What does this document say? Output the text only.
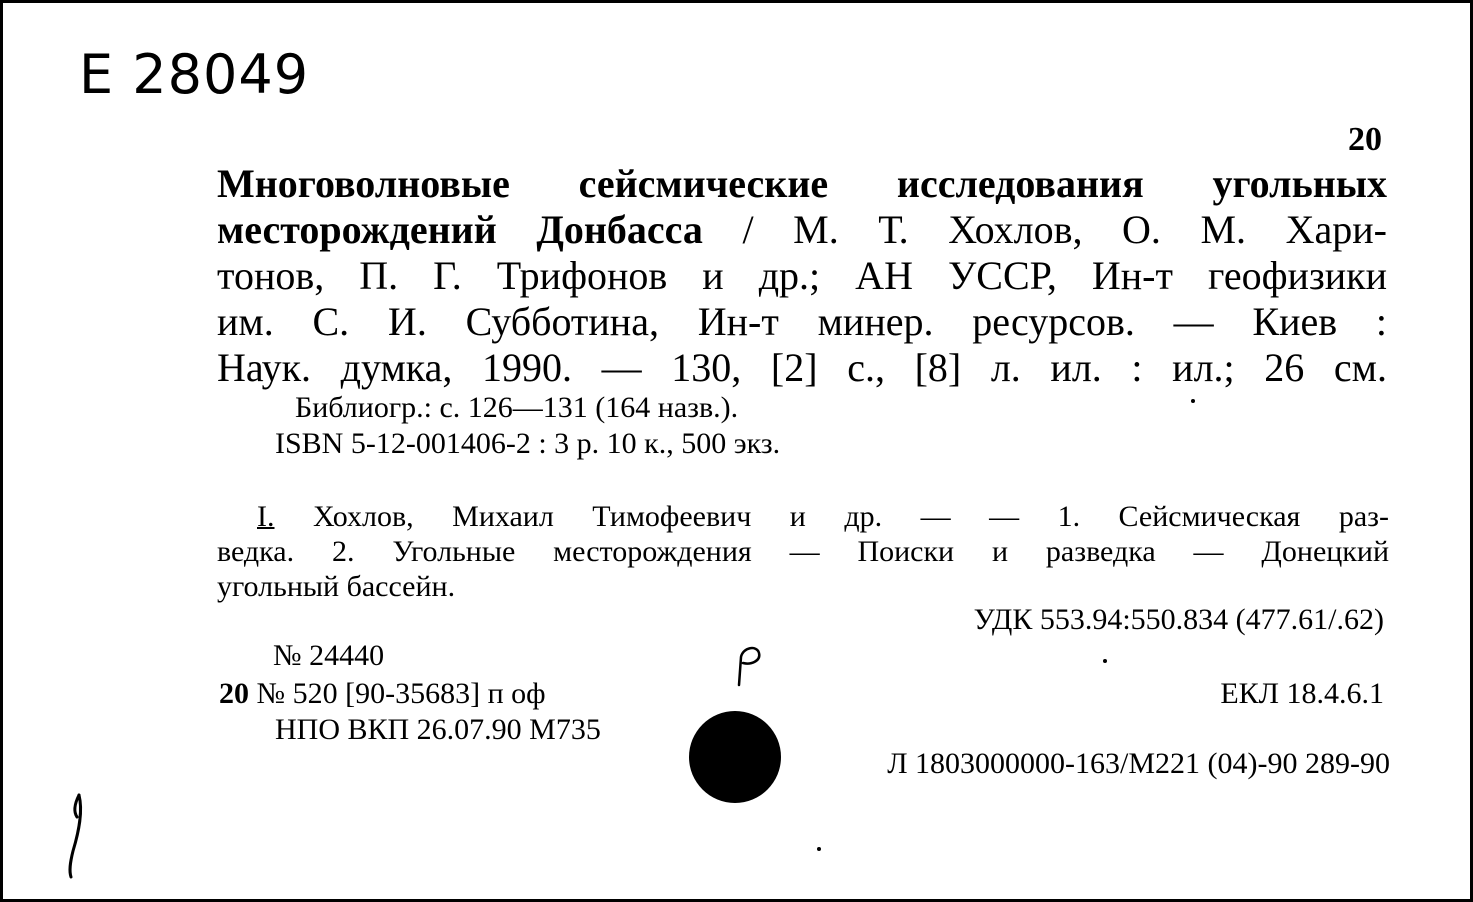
Е 28049
20
Многоволновые сейсмические исследования угольных
месторождений Донбасса / М. Т. Хохлов, О. М. Хари-
тонов, П. Г. Трифонов и др.; АН УССР, Ин-т геофизики
им. С. И. Субботина, Ин-т минер. ресурсов. — Киев :
Наук. думка, 1990. — 130, [2] с., [8] л. ил. : ил.; 26 см.
Библиогр.: с. 126—131 (164 назв.).
ISBN 5-12-001406-2 : 3 р. 10 к., 500 экз.
I. Хохлов, Михаил Тимофеевич и др. — — 1. Сейсмическая раз-
ведка. 2. Угольные месторождения — Поиски и разведка — Донецкий
угольный бассейн.
УДК 553.94:550.834 (477.61/.62)
№ 24440
20 № 520 [90-35683] п оф
НПО ВКП 26.07.90 М735
ЕКЛ 18.4.6.1
Л 1803000000-163/М221 (04)-90 289-90
